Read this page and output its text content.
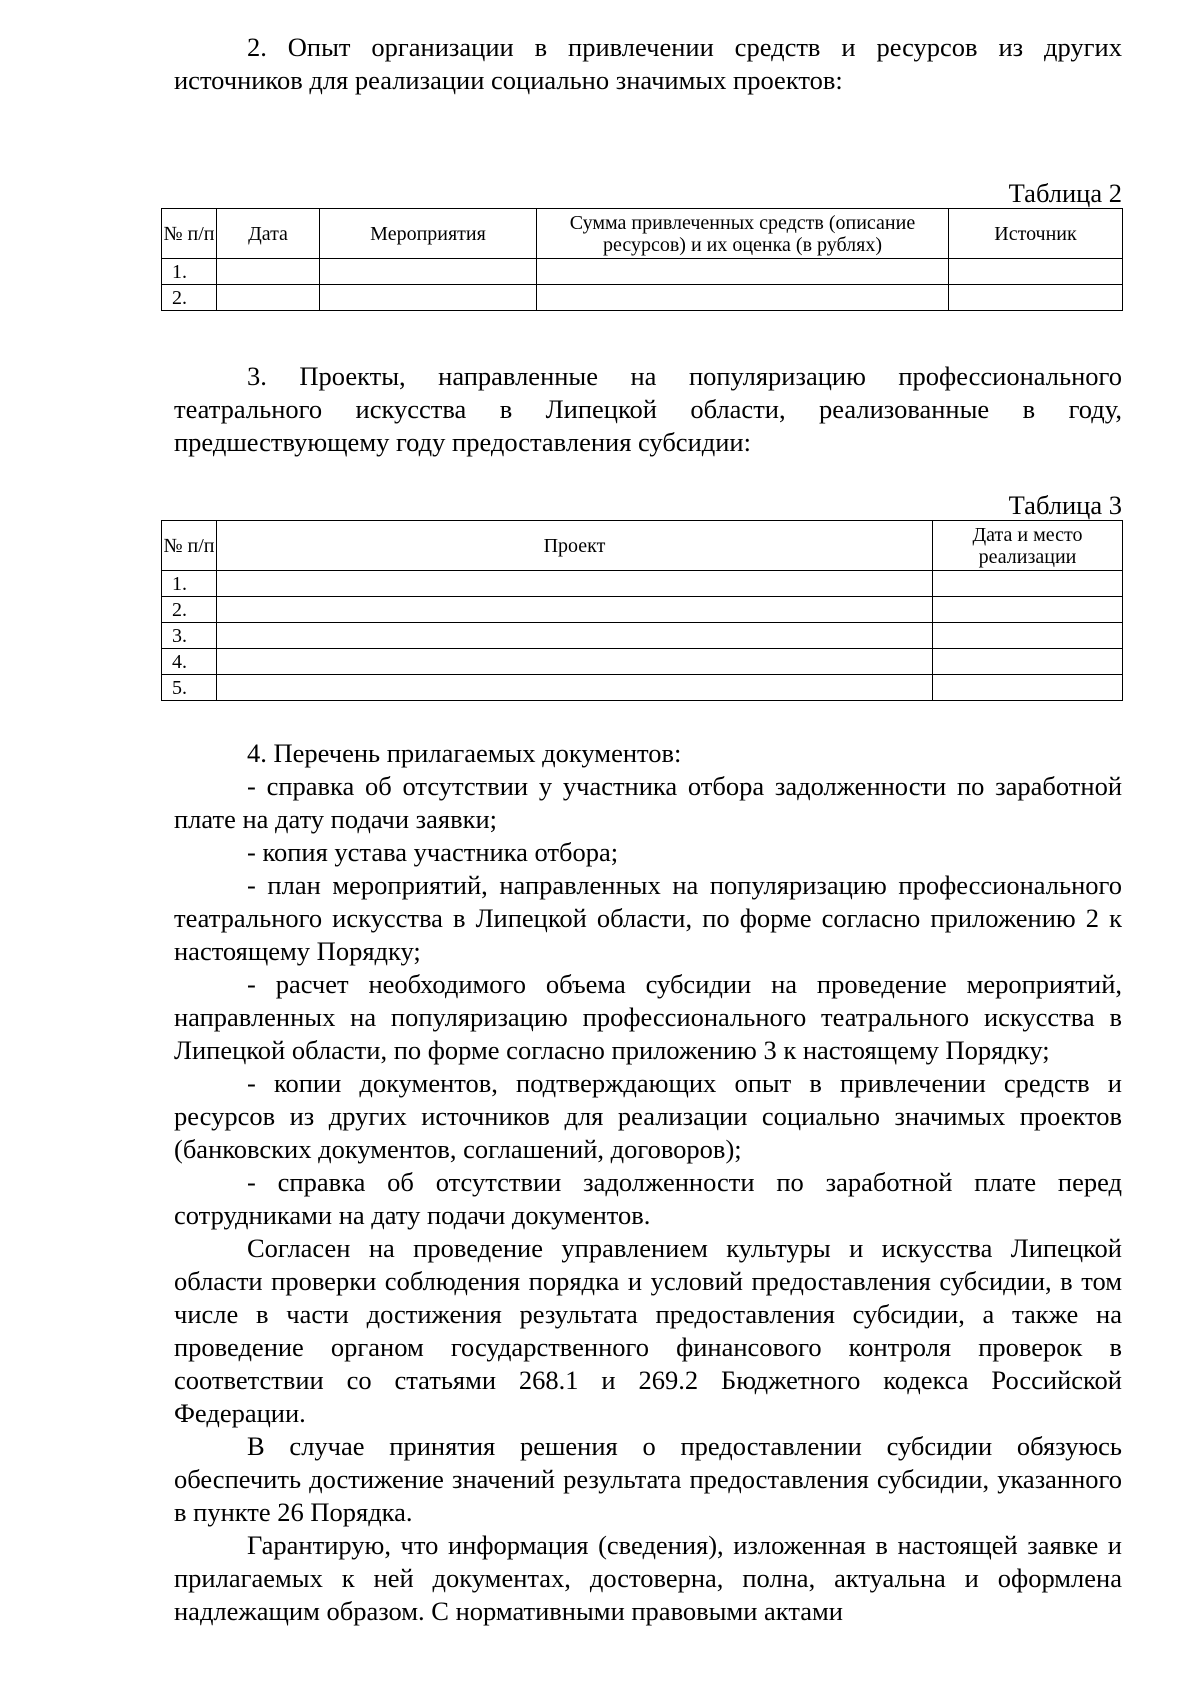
2. Опыт организации в привлечении средств и ресурсов из других источников для реализации социально значимых проектов:

Таблица 2

№ п/п	Дата	Мероприятия	Сумма привлеченных средств (описание ресурсов) и их оценка (в рублях)	Источник
1.				
2.				

3. Проекты, направленные на популяризацию профессионального театрального искусства в Липецкой области, реализованные в году, предшествующему году предоставления субсидии:

Таблица 3

№ п/п	Проект	Дата и место реализации
1.		
2.		
3.		
4.		
5.		

4. Перечень прилагаемых документов:

- справка об отсутствии у участника отбора задолженности по заработной плате на дату подачи заявки;

- копия устава участника отбора;

- план мероприятий, направленных на популяризацию профессионального театрального искусства в Липецкой области, по форме согласно приложению 2 к настоящему Порядку;

- расчет необходимого объема субсидии на проведение мероприятий, направленных на популяризацию профессионального театрального искусства в Липецкой области, по форме согласно приложению 3 к настоящему Порядку;

- копии документов, подтверждающих опыт в привлечении средств и ресурсов из других источников для реализации социально значимых проектов (банковских документов, соглашений, договоров);

- справка об отсутствии задолженности по заработной плате перед сотрудниками на дату подачи документов.

Согласен на проведение управлением культуры и искусства Липецкой области проверки соблюдения порядка и условий предоставления субсидии, в том числе в части достижения результата предоставления субсидии, а также на проведение органом государственного финансового контроля проверок в соответствии со статьями 268.1 и 269.2 Бюджетного кодекса Российской Федерации.

В случае принятия решения о предоставлении субсидии обязуюсь обеспечить достижение значений результата предоставления субсидии, указанного в пункте 26 Порядка.

Гарантирую, что информация (сведения), изложенная в настоящей заявке и прилагаемых к ней документах, достоверна, полна, актуальна и оформлена надлежащим образом. С нормативными правовыми актами
